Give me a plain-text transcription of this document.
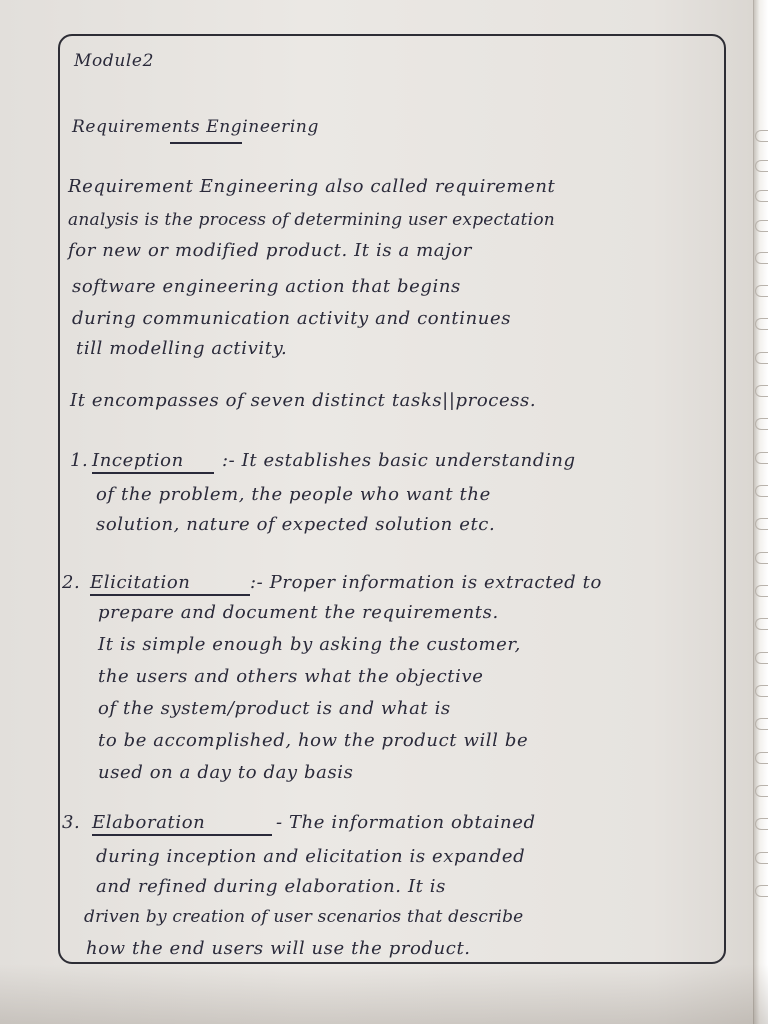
Module2

Requirements Engineering

Requirement Engineering also called requirement

analysis is the process of determining user expectation

for new or modified product. It is a major

software engineering action that begins

during communication activity and continues

till modelling activity.

It encompasses of seven distinct tasks||process.

1. Inception :- It establishes basic understanding

of the problem, the people who want the

solution, nature of expected solution etc.

2. Elicitation	:- Proper information is extracted to

prepare and document the requirements.

It is simple enough by asking the customer,

the users and others what the objective

of the system/product is and what is

to be accomplished, how the product will be

used on a day to day basis

3. Elaboration	- The information obtained

during inception and elicitation is expanded

and refined during elaboration. It is

driven by creation of user scenarios that describe

how the end users will use the product.
